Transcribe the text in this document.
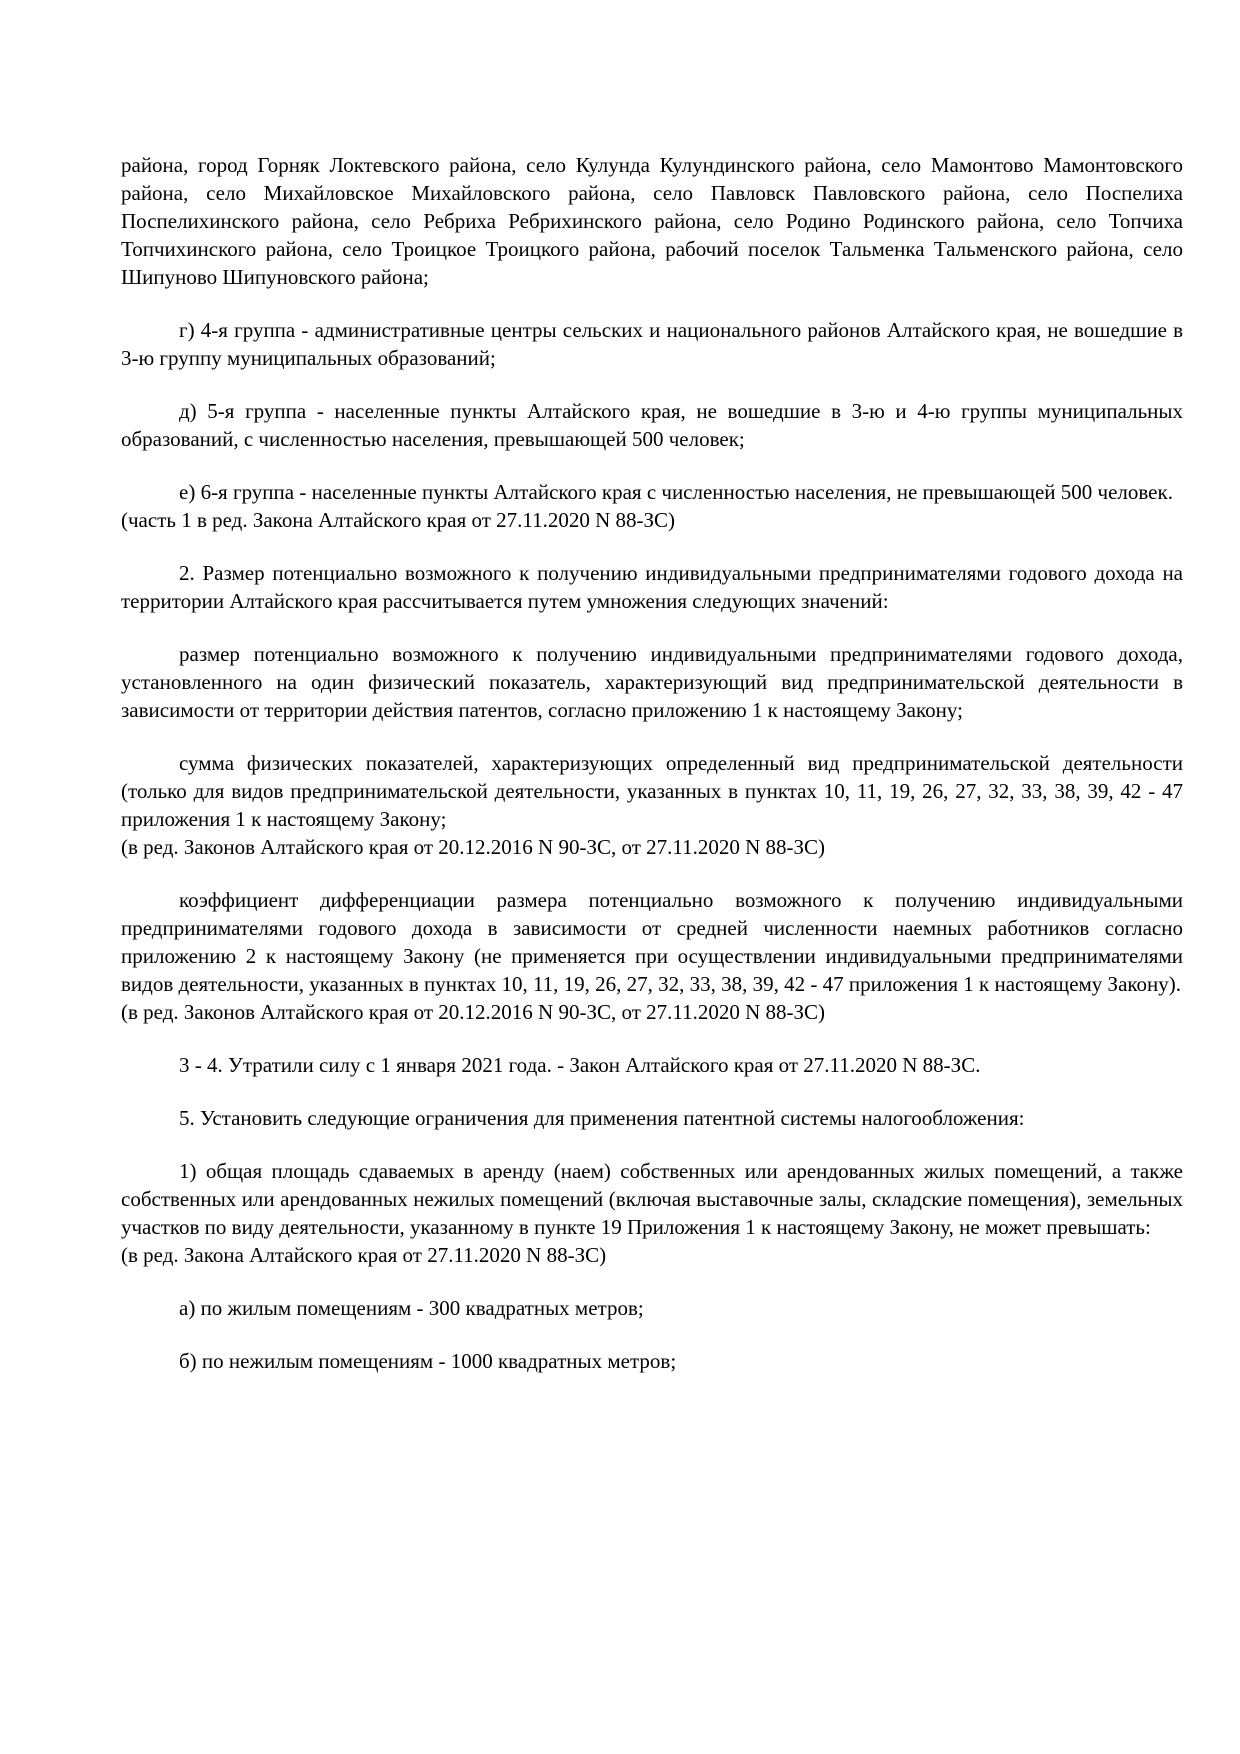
района, город Горняк Локтевского района, село Кулунда Кулундинского района, село Мамонтово Мамонтовского района, село Михайловское Михайловского района, село Павловск Павловского района, село Поспелиха Поспелихинского района, село Ребриха Ребрихинского района, село Родино Родинского района, село Топчиха Топчихинского района, село Троицкое Троицкого района, рабочий поселок Тальменка Тальменского района, село Шипуново Шипуновского района;

г) 4-я группа - административные центры сельских и национального районов Алтайского края, не вошедшие в 3-ю группу муниципальных образований;

д) 5-я группа - населенные пункты Алтайского края, не вошедшие в 3-ю и 4-ю группы муниципальных образований, с численностью населения, превышающей 500 человек;

е) 6-я группа - населенные пункты Алтайского края с численностью населения, не превышающей 500 человек.
(часть 1 в ред. Закона Алтайского края от 27.11.2020 N 88-ЗС)

2. Размер потенциально возможного к получению индивидуальными предпринимателями годового дохода на территории Алтайского края рассчитывается путем умножения следующих значений:

размер потенциально возможного к получению индивидуальными предпринимателями годового дохода, установленного на один физический показатель, характеризующий вид предпринимательской деятельности в зависимости от территории действия патентов, согласно приложению 1 к настоящему Закону;

сумма физических показателей, характеризующих определенный вид предпринимательской деятельности (только для видов предпринимательской деятельности, указанных в пунктах 10, 11, 19, 26, 27, 32, 33, 38, 39, 42 - 47 приложения 1 к настоящему Закону;
(в ред. Законов Алтайского края от 20.12.2016 N 90-ЗС, от 27.11.2020 N 88-ЗС)

коэффициент дифференциации размера потенциально возможного к получению индивидуальными предпринимателями годового дохода в зависимости от средней численности наемных работников согласно приложению 2 к настоящему Закону (не применяется при осуществлении индивидуальными предпринимателями видов деятельности, указанных в пунктах 10, 11, 19, 26, 27, 32, 33, 38, 39, 42 - 47 приложения 1 к настоящему Закону).
(в ред. Законов Алтайского края от 20.12.2016 N 90-ЗС, от 27.11.2020 N 88-ЗС)

3 - 4. Утратили силу с 1 января 2021 года. - Закон Алтайского края от 27.11.2020 N 88-ЗС.

5. Установить следующие ограничения для применения патентной системы налогообложения:

1) общая площадь сдаваемых в аренду (наем) собственных или арендованных жилых помещений, а также собственных или арендованных нежилых помещений (включая выставочные залы, складские помещения), земельных участков по виду деятельности, указанному в пункте 19 Приложения 1 к настоящему Закону, не может превышать:
(в ред. Закона Алтайского края от 27.11.2020 N 88-ЗС)

а) по жилым помещениям - 300 квадратных метров;

б) по нежилым помещениям - 1000 квадратных метров;
